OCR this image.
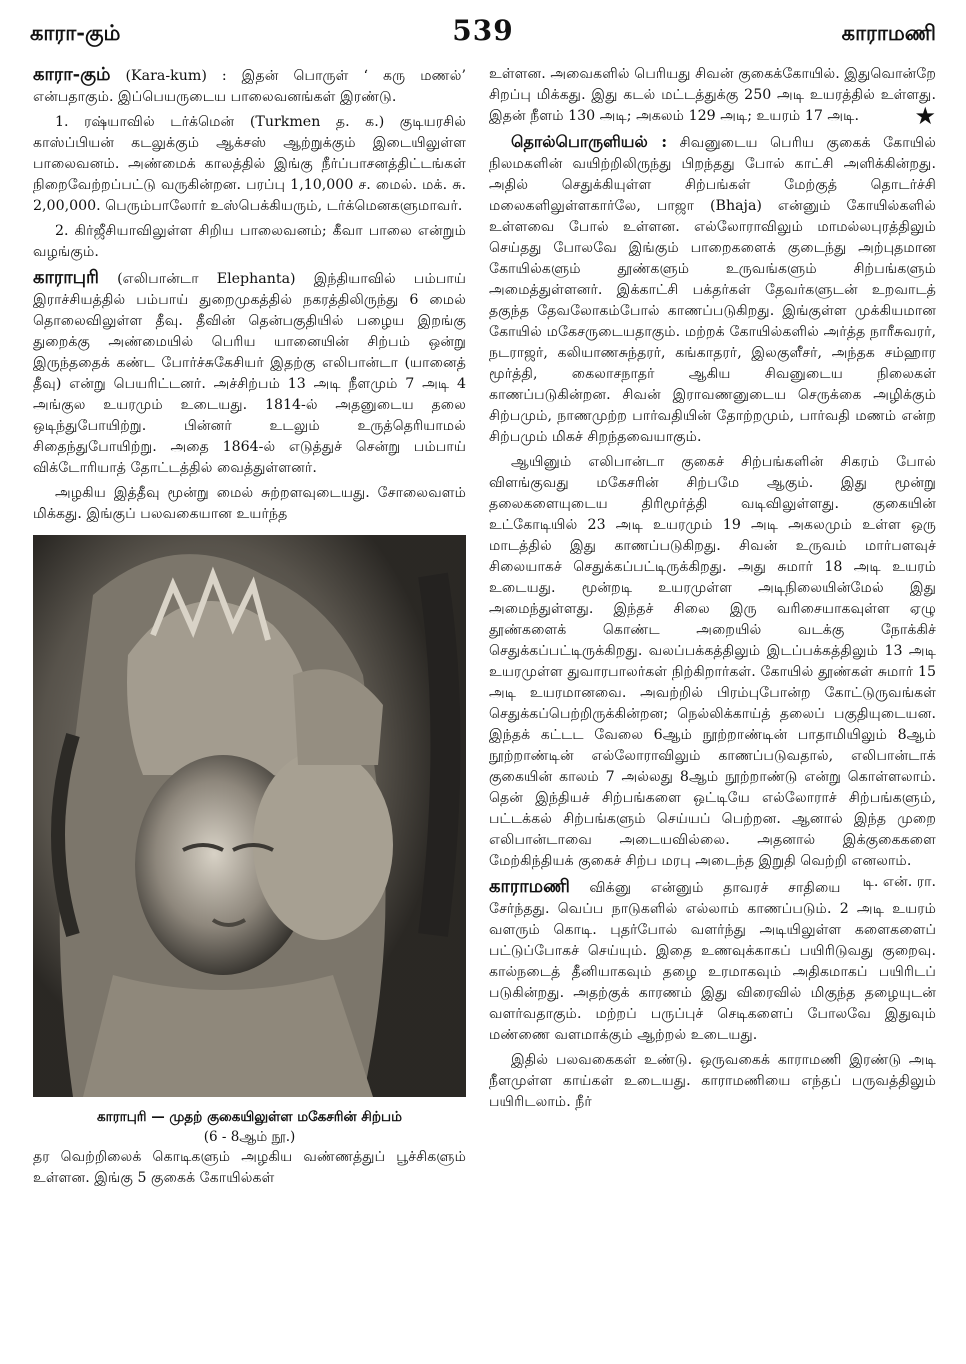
காரா-கும்	539	காராமணி

காரா-கும் (Kara-kum) : இதன் பொருள் ‘ கரு மணல்’ என்பதாகும். இப்பெயருடைய பாலைவனங்கள் இரண்டு.

1. ரஷ்யாவில் டர்க்மென் (Turkmen த. க.) குடியரசில் காஸ்ப்பியன் கடலுக்கும் ஆக்சஸ் ஆற்றுக்கும் இடையிலுள்ள பாலைவனம். அண்மைக் காலத்தில் இங்கு நீர்ப்பாசனத்திட்டங்கள் நிறைவேற்றப்பட்டு வருகின்றன. பரப்பு 1,10,000 ச. மைல். மக். சு. 2,00,000. பெரும்பாலோர் உஸ்பெக்கியரும், டர்க்மெனகளுமாவர்.

2. கிர்ஜீசியாவிலுள்ள சிறிய பாலைவனம்; கீவா பாலை என்றும் வழங்கும்.

காராபுரி (எலிபான்டா Elephanta) இந்தியாவில் பம்பாய் இராச்சியத்தில் பம்பாய் துறைமுகத்தில் நகரத்திலிருந்து 6 மைல் தொலைவிலுள்ள தீவு. தீவின் தென்பகுதியில் பழைய இறங்கு துறைக்கு அண்மையில் பெரிய யானையின் சிற்பம் ஒன்று இருந்ததைக் கண்ட போர்ச்சுகேசியர் இதற்கு எலிபான்டா (யானைத் தீவு) என்று பெயரிட்டனர். அச்சிற்பம் 13 அடி நீளமும் 7 அடி 4 அங்குல உயரமும் உடையது. 1814-ல் அதனுடைய தலை ஒடிந்துபோயிற்று. பின்னர் உடலும் உருத்தெரியாமல் சிதைந்துபோயிற்று. அதை 1864-ல் எடுத்துச் சென்று பம்பாய் விக்டோரியாத் தோட்டத்தில் வைத்துள்ளனர்.

அழகிய இத்தீவு மூன்று மைல் சுற்றளவுடையது. சோலைவளம் மிக்கது. இங்குப் பலவகையான உயர்ந்த

காராபுரி — முதற் குகையிலுள்ள மகேசரின் சிற்பம்
(6 - 8ஆம் நூ.)

தர வெற்றிலைக் கொடிகளும் அழகிய வண்ணத்துப் பூச்சிகளும் உள்ளன. இங்கு 5 குகைக் கோயில்கள்

உள்ளன. அவைகளில் பெரியது சிவன் குகைக்கோயில். இதுவொன்றே சிறப்பு மிக்கது. இது கடல் மட்டத்துக்கு 250 அடி உயரத்தில் உள்ளது. இதன் நீளம் 130 அடி; அகலம் 129 அடி; உயரம் 17 அடி. ★

தொல்பொருளியல் : சிவனுடைய பெரிய குகைக் கோயில் நிலமகளின் வயிற்றிலிருந்து பிறந்தது போல் காட்சி அளிக்கின்றது. அதில் செதுக்கியுள்ள சிற்பங்கள் மேற்குத் தொடர்ச்சி மலைகளிலுள்ளகார்லே, பாஜா (Bhaja) என்னும் கோயில்களில் உள்ளவை போல் உள்ளன. எல்லோராவிலும் மாமல்லபுரத்திலும் செய்தது போலவே இங்கும் பாறைகளைக் குடைந்து அற்புதமான கோயில்களும் தூண்களும் உருவங்களும் சிற்பங்களும் அமைத்துள்ளனர். இக்காட்சி பக்தர்கள் தேவர்களுடன் உறவாடத் தகுந்த தேவலோகம்போல் காணப்படுகிறது. இங்குள்ள முக்கியமான கோயில் மகேசருடையதாகும். மற்றக் கோயில்களில் அர்த்த நாரீசுவரர், நடராஜர், கலியாணசுந்தரர், கங்காதரர், இலகுளீசர், அந்தக சம்ஹார மூர்த்தி, கைலாசநாதர் ஆகிய சிவனுடைய நிலைகள் காணப்படுகின்றன. சிவன் இராவணனுடைய செருக்கை அழிக்கும் சிற்பமும், நாணமுற்ற பார்வதியின் தோற்றமும், பார்வதி மணம் என்ற சிற்பமும் மிகச் சிறந்தவையாகும்.

ஆயினும் எலிபான்டா குகைச் சிற்பங்களின் சிகரம் போல் விளங்குவது மகேசரின் சிற்பமே ஆகும். இது மூன்று தலைகளையுடைய திரிமூர்த்தி வடிவிலுள்ளது. குகையின் உட்கோடியில் 23 அடி உயரமும் 19 அடி அகலமும் உள்ள ஒரு மாடத்தில் இது காணப்படுகிறது. சிவன் உருவம் மார்பளவுச் சிலையாகச் செதுக்கப்பட்டிருக்கிறது. அது சுமார் 18 அடி உயரம் உடையது. மூன்றடி உயரமுள்ள அடிநிலையின்மேல் இது அமைந்துள்ளது. இந்தச் சிலை இரு வரிசையாகவுள்ள ஏழு தூண்களைக் கொண்ட அறையில் வடக்கு நோக்கிச் செதுக்கப்பட்டிருக்கிறது. வலப்பக்கத்திலும் இடப்பக்கத்திலும் 13 அடி உயரமுள்ள துவாரபாலர்கள் நிற்கிறார்கள். கோயில் தூண்கள் சுமார் 15 அடி உயரமானவை. அவற்றில் பிரம்புபோன்ற கோட்டுருவங்கள் செதுக்கப்பெற்றிருக்கின்றன; நெல்லிக்காய்த் தலைப் பகுதியுடையன. இந்தக் கட்டட வேலை 6ஆம் நூற்றாண்டின் பாதாமியிலும் 8ஆம் நூற்றாண்டின் எல்லோராவிலும் காணப்படுவதால், எலிபான்டாக் குகையின் காலம் 7 அல்லது 8ஆம் நூற்றாண்டு என்று கொள்ளலாம். தென் இந்தியச் சிற்பங்களை ஒட்டியே எல்லோராச் சிற்பங்களும், பட்டக்கல் சிற்பங்களும் செய்யப் பெற்றன. ஆனால் இந்த முறை எலிபான்டாவை அடையவில்லை. அதனால் இக்குகைகளை மேற்கிந்தியக் குகைச் சிற்ப மரபு அடைந்த இறுதி வெற்றி எனலாம்.
டி. என். ரா.

காராமணி விக்னு என்னும் தாவரச் சாதியை சேர்ந்தது. வெப்ப நாடுகளில் எல்லாம் காணப்படும். 2 அடி உயரம் வளரும் கொடி. புதர்போல் வளர்ந்து அடியிலுள்ள களைகளைப் பட்டுப்போகச் செய்யும். இதை உணவுக்காகப் பயிரிடுவது குறைவு. கால்நடைத் தீனியாகவும் தழை உரமாகவும் அதிகமாகப் பயிரிடப் படுகின்றது. அதற்குக் காரணம் இது விரைவில் மிகுந்த தழையுடன் வளர்வதாகும். மற்றப் பருப்புச் செடிகளைப் போலவே இதுவும் மண்ணை வளமாக்கும் ஆற்றல் உடையது.

இதில் பலவகைகள் உண்டு. ஒருவகைக் காராமணி இரண்டு அடி நீளமுள்ள காய்கள் உடையது. காராமணியை எந்தப் பருவத்திலும் பயிரிடலாம். நீர்
